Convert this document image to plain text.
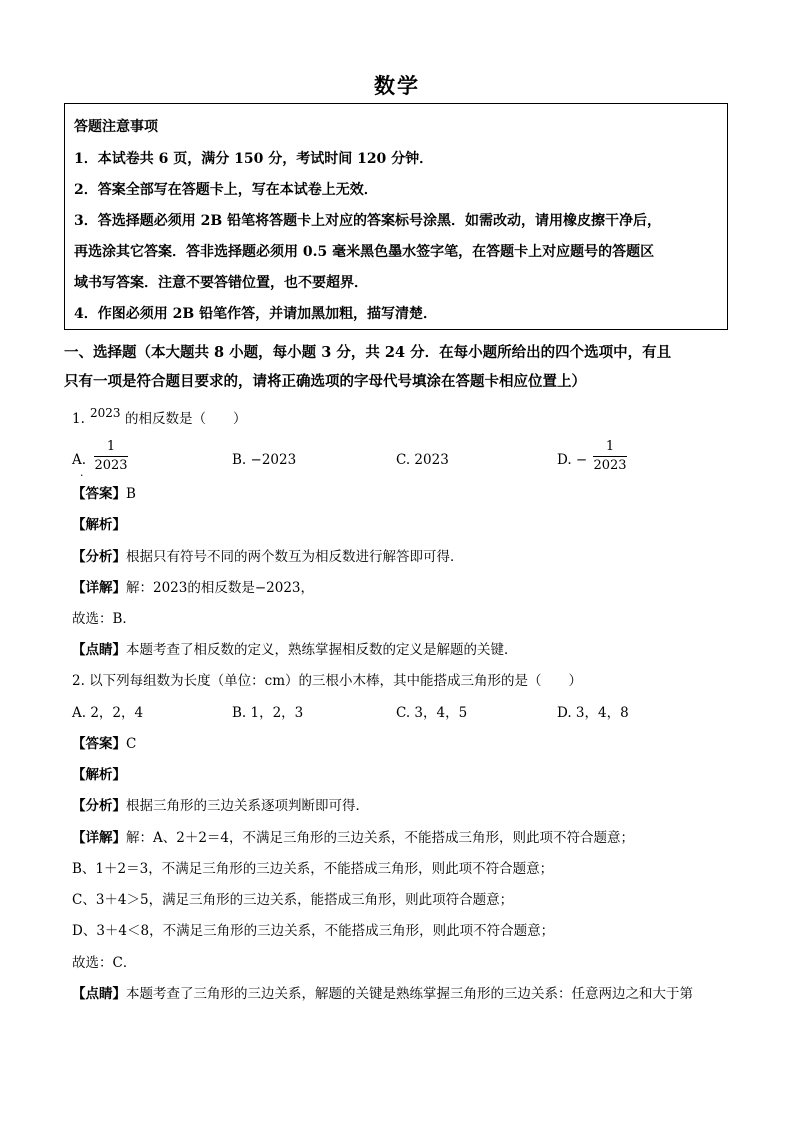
数学
答题注意事项
1．本试卷共 6 页，满分 150 分，考试时间 120 分钟．
2．答案全部写在答题卡上，写在本试卷上无效．
3．答选择题必须用 2B 铅笔将答题卡上对应的答案标号涂黑．如需改动，请用橡皮擦干净后，
再选涂其它答案．答非选择题必须用 0.5 毫米黑色墨水签字笔，在答题卡上对应题号的答题区
域书写答案．注意不要答错位置，也不要超界．
4．作图必须用 2B 铅笔作答，并请加黑加粗，描写清楚．
一、选择题（本大题共 8 小题，每小题 3 分，共 24 分．在每小题所给出的四个选项中，有且
只有一项是符合题目要求的，请将正确选项的字母代号填涂在答题卡相应位置上）
1. 2023 的相反数是（　　）
A.
·
1
2023	B. −2023	C. 2023	D. −
1
2023
【答案】B
【解析】
【分析】根据只有符号不同的两个数互为相反数进行解答即可得．
【详解】解：2023的相反数是−2023，
故选：B．
【点睛】本题考查了相反数的定义，熟练掌握相反数的定义是解题的关键．
2. 以下列每组数为长度（单位：cm）的三根小木棒，其中能搭成三角形的是（　　）
A. 2，2，4	B. 1，2，3	C. 3，4，5	D. 3，4，8
【答案】C
【解析】
【分析】根据三角形的三边关系逐项判断即可得．
【详解】解：A、2＋2＝4，不满足三角形的三边关系，不能搭成三角形，则此项不符合题意；
B、1＋2＝3，不满足三角形的三边关系，不能搭成三角形，则此项不符合题意；
C、3＋4＞5，满足三角形的三边关系，能搭成三角形，则此项符合题意；
D、3＋4＜8，不满足三角形的三边关系，不能搭成三角形，则此项不符合题意；
故选：C．
【点睛】本题考查了三角形的三边关系，解题的关键是熟练掌握三角形的三边关系：任意两边之和大于第
